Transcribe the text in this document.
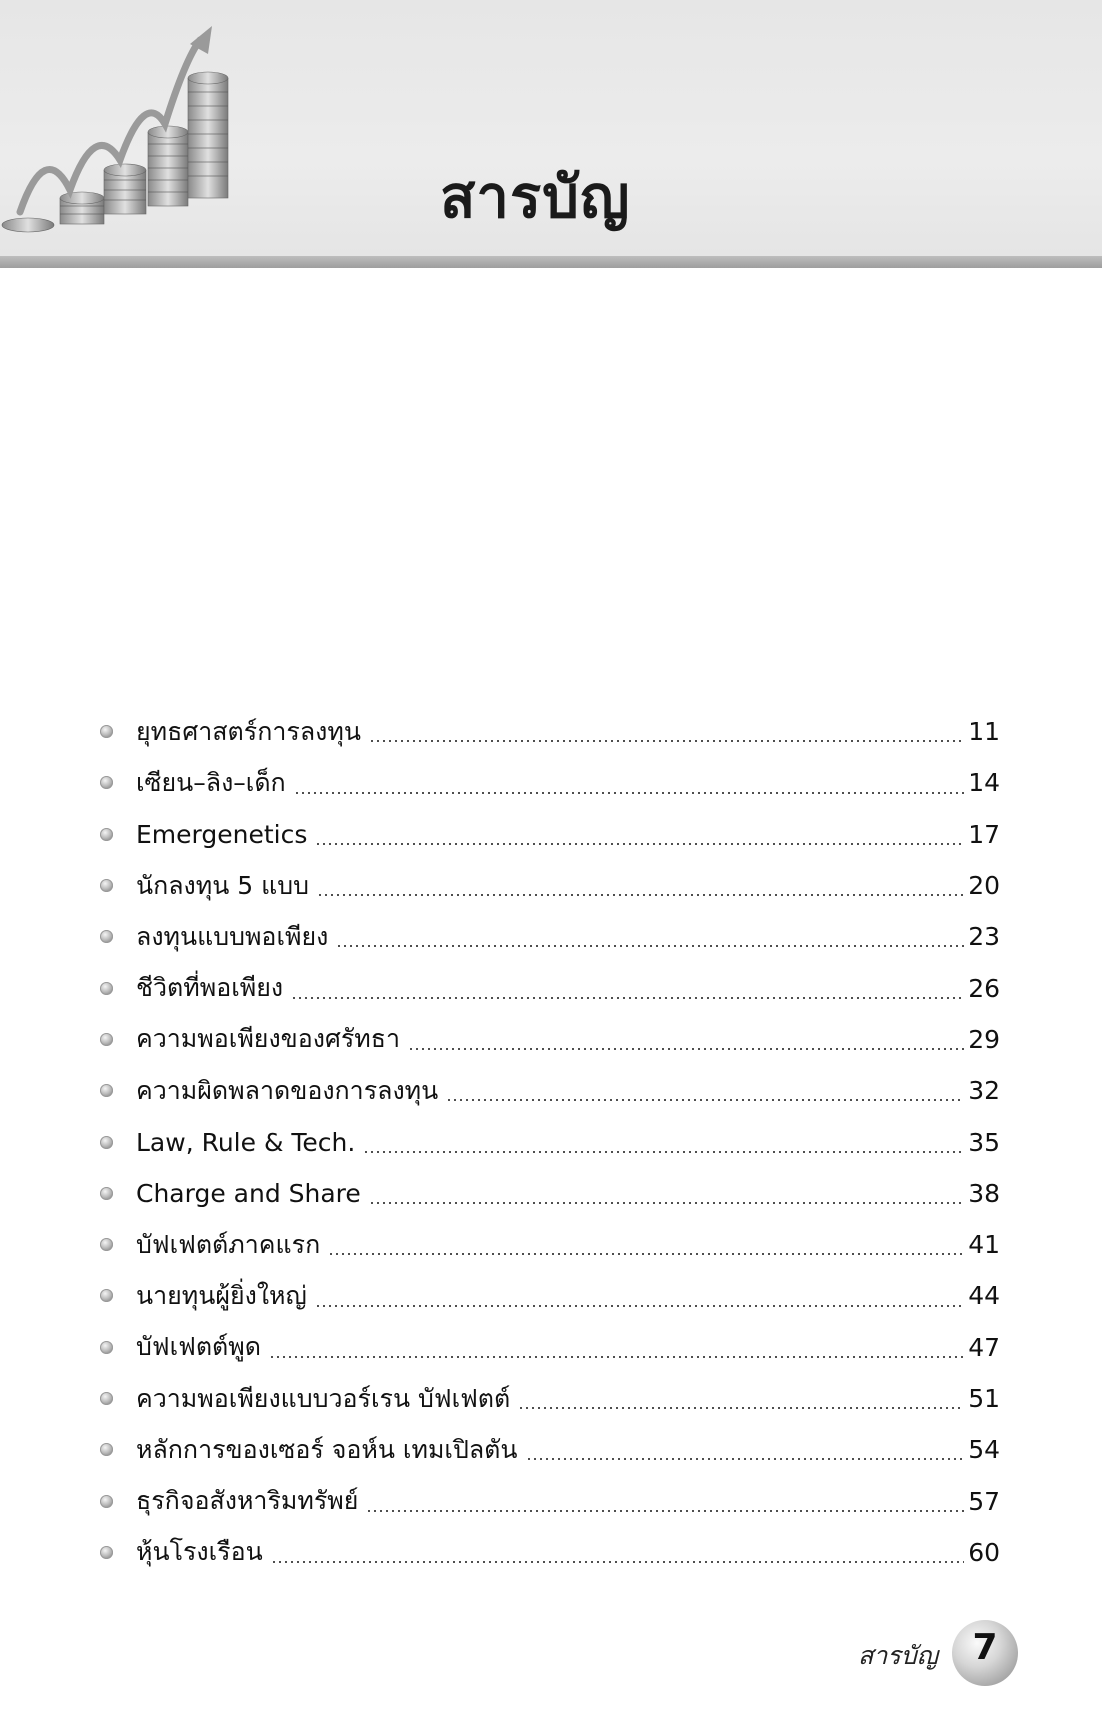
สารบัญ
ยุทธศาสตร์การลงทุน	11
เซียน–ลิง–เด็ก	14
Emergenetics	17
นักลงทุน 5 แบบ	20
ลงทุนแบบพอเพียง	23
ชีวิตที่พอเพียง	26
ความพอเพียงของศรัทธา	29
ความผิดพลาดของการลงทุน	32
Law, Rule & Tech.	35
Charge and Share	38
บัฟเฟตต์ภาคแรก	41
นายทุนผู้ยิ่งใหญ่	44
บัฟเฟตต์พูด	47
ความพอเพียงแบบวอร์เรน บัฟเฟตต์	51
หลักการของเซอร์ จอห์น เทมเปิลตัน	54
ธุรกิจอสังหาริมทรัพย์	57
หุ้นโรงเรือน	60
สารบัญ 7
